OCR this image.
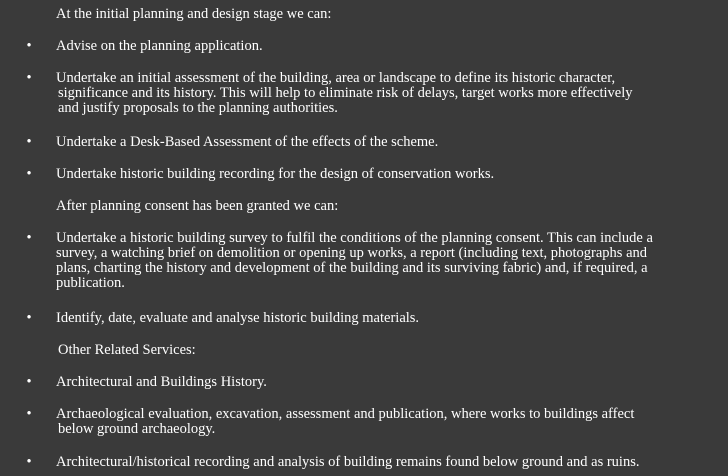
At the initial planning and design stage we can:
• Advise on the planning application.
• Undertake an initial assessment of the building, area or landscape to define its historic character,
significance and its history. This will help to eliminate risk of delays, target works more effectively
and justify proposals to the planning authorities.
• Undertake a Desk-Based Assessment of the effects of the scheme.
• Undertake historic building recording for the design of conservation works.
After planning consent has been granted we can:
• Undertake a historic building survey to fulfil the conditions of the planning consent. This can include a
survey, a watching brief on demolition or opening up works, a report (including text, photographs and
plans, charting the history and development of the building and its surviving fabric) and, if required, a
publication.
• Identify, date, evaluate and analyse historic building materials.
Other Related Services:
• Architectural and Buildings History.
• Archaeological evaluation, excavation, assessment and publication, where works to buildings affect
below ground archaeology.
• Architectural/historical recording and analysis of building remains found below ground and as ruins.
